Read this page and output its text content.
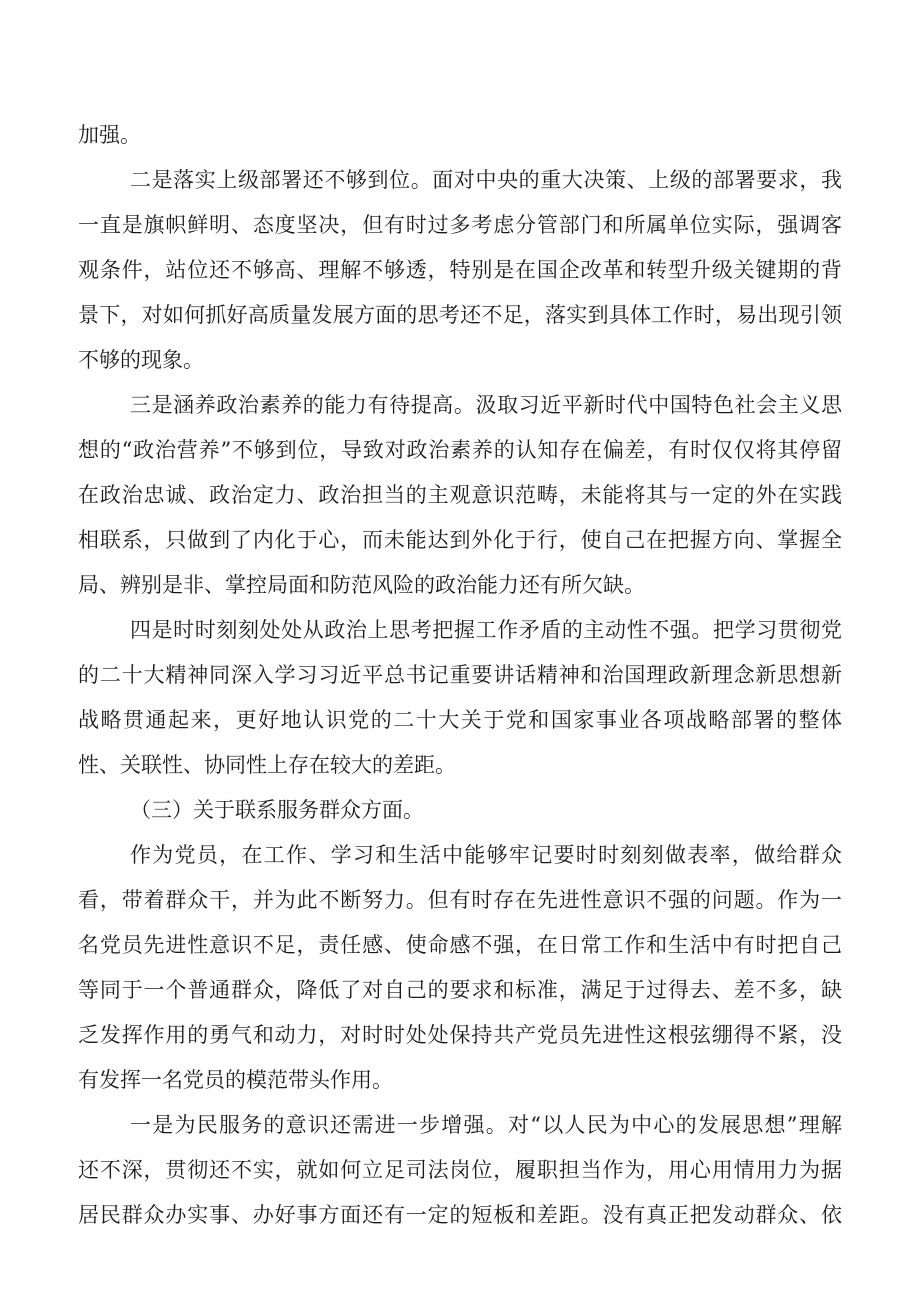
加强。

二是落实上级部署还不够到位。面对中央的重大决策、上级的部署要求，我

一直是旗帜鲜明、态度坚决，但有时过多考虑分管部门和所属单位实际，强调客

观条件，站位还不够高、理解不够透，特别是在国企改革和转型升级关键期的背

景下，对如何抓好高质量发展方面的思考还不足，落实到具体工作时，易出现引领

不够的现象。

三是涵养政治素养的能力有待提高。汲取习近平新时代中国特色社会主义思

想的“政治营养”不够到位，导致对政治素养的认知存在偏差，有时仅仅将其停留

在政治忠诚、政治定力、政治担当的主观意识范畴，未能将其与一定的外在实践

相联系，只做到了内化于心，而未能达到外化于行，使自己在把握方向、掌握全

局、辨别是非、掌控局面和防范风险的政治能力还有所欠缺。

四是时时刻刻处处从政治上思考把握工作矛盾的主动性不强。把学习贯彻党

的二十大精神同深入学习习近平总书记重要讲话精神和治国理政新理念新思想新

战略贯通起来，更好地认识党的二十大关于党和国家事业各项战略部署的整体

性、关联性、协同性上存在较大的差距。

（三）关于联系服务群众方面。

作为党员，在工作、学习和生活中能够牢记要时时刻刻做表率，做给群众

看，带着群众干，并为此不断努力。但有时存在先进性意识不强的问题。作为一

名党员先进性意识不足，责任感、使命感不强，在日常工作和生活中有时把自己

等同于一个普通群众，降低了对自己的要求和标准，满足于过得去、差不多，缺

乏发挥作用的勇气和动力，对时时处处保持共产党员先进性这根弦绷得不紧，没

有发挥一名党员的模范带头作用。

一是为民服务的意识还需进一步增强。对“以人民为中心的发展思想”理解

还不深，贯彻还不实，就如何立足司法岗位，履职担当作为，用心用情用力为据

居民群众办实事、办好事方面还有一定的短板和差距。没有真正把发动群众、依
